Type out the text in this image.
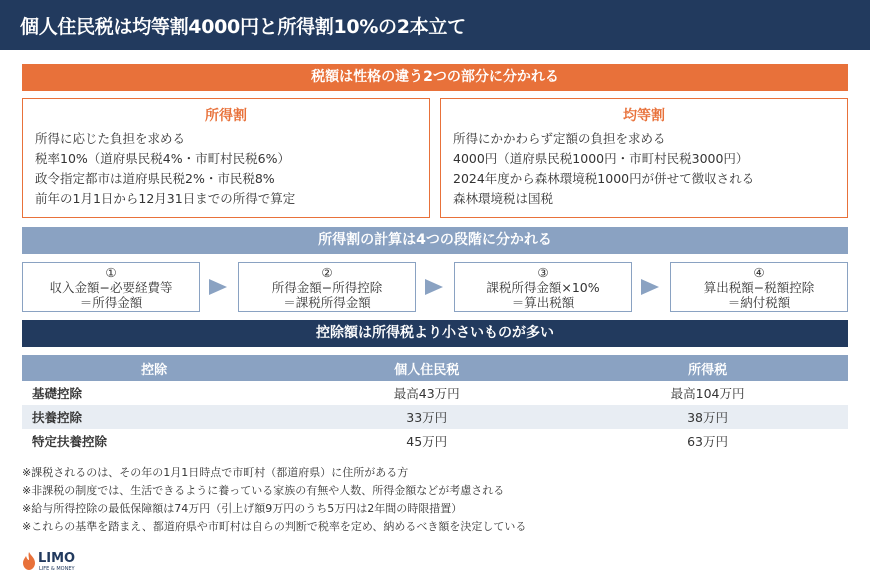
個人住民税は均等割4000円と所得割10%の2本立て
税額は性格の違う2つの部分に分かれる
所得割
所得に応じた負担を求める
税率10%（道府県民税4%・市町村民税6%）
政令指定都市は道府県民税2%・市民税8%
前年の1月1日から12月31日までの所得で算定
均等割
所得にかかわらず定額の負担を求める
4000円（道府県民税1000円・市町村民税3000円）
2024年度から森林環境税1000円が併せて徴収される
森林環境税は国税
所得割の計算は4つの段階に分かれる
①
収入金額−必要経費等
＝所得金額
②
所得金額−所得控除
＝課税所得金額
③
課税所得金額×10%
＝算出税額
④
算出税額−税額控除
＝納付税額
控除額は所得税より小さいものが多い
控除	個人住民税	所得税
基礎控除	最高43万円	最高104万円
扶養控除	33万円	38万円
特定扶養控除	45万円	63万円
※課税されるのは、その年の1月1日時点で市町村（都道府県）に住所がある方
※非課税の制度では、生活できるように養っている家族の有無や人数、所得金額などが考慮される
※給与所得控除の最低保障額は74万円（引上げ額9万円のうち5万円は2年間の時限措置）
※これらの基準を踏まえ、都道府県や市町村は自らの判断で税率を定め、納めるべき額を決定している
LIMO
LIFE & MONEY
